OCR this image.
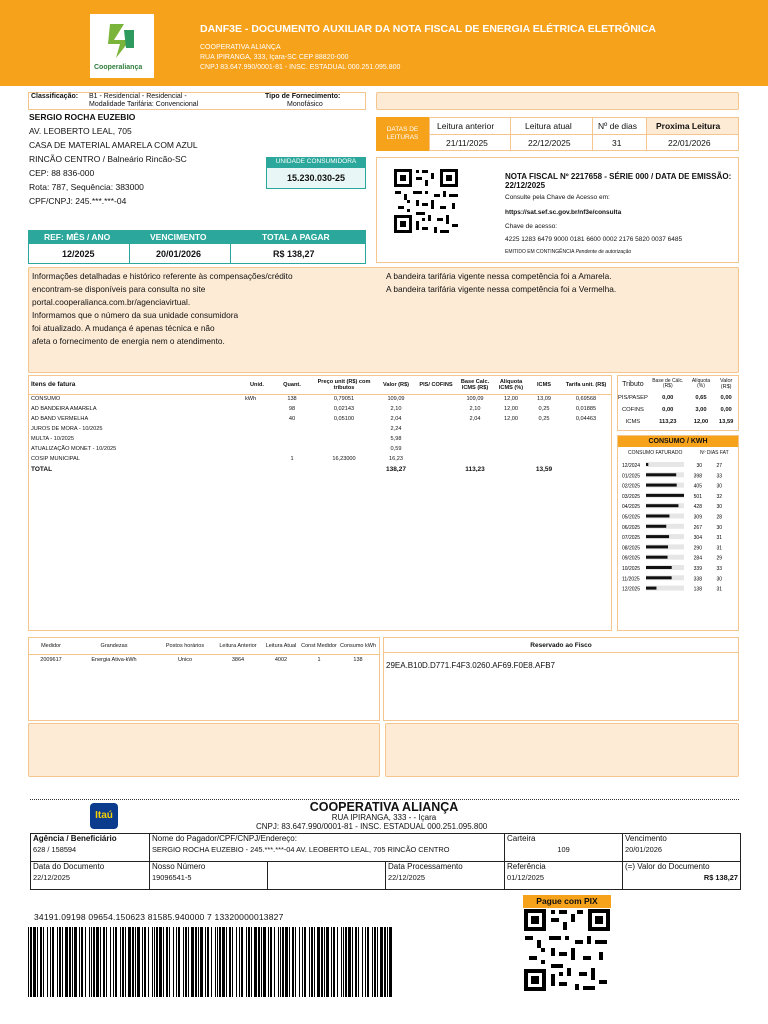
Cooperaliança
DANF3E - DOCUMENTO AUXILIAR DA NOTA FISCAL DE ENERGIA ELÉTRICA ELETRÔNICA
COOPERATIVA ALIANÇA
RUA IPIRANGA, 333, Içara-SC CEP 88820-000
CNPJ 83.647.990/0001-81 - INSC. ESTADUAL 000.251.095.800
Classificação: B1 - Residencial - Residencial -
Modalidade Tarifária: Convencional
Tipo de Fornecimento:
Monofásico
SERGIO ROCHA EUZEBIO
AV. LEOBERTO LEAL, 705
CASA DE MATERIAL AMARELA COM AZUL
RINCÃO CENTRO / Balneário Rincão-SC
CEP: 88 836-000
Rota: 787, Sequência: 383000
CPF/CNPJ: 245.***.***-04
UNIDADE CONSUMIDORA
15.230.030-25
REF: MÊS / ANO	VENCIMENTO	TOTAL A PAGAR
12/2025	20/01/2026	R$ 138,27
DATAS DE LEITURAS
Leitura anterior	Leitura atual	Nº de dias Proxima Leitura
21/11/2025	22/12/2025	31	22/01/2026
NOTA FISCAL Nº 2217658 - SÉRIE 000 / DATA DE EMISSÃO: 22/12/2025
Consulte pela Chave de Acesso em:
https://sat.sef.sc.gov.br/nf3e/consulta
Chave de acesso:
4225 1283 6479 9000 0181 6600 0002 2176 5820 0037 6485
EMITIDO EM CONTINGÊNCIA Pendente de autorização
Informações detalhadas e histórico referente às compensações/crédito
encontram-se disponíveis para consulta no site
portal.cooperalianca.com.br/agenciavirtual.
Informamos que o número da sua unidade consumidora
foi atualizado. A mudança é apenas técnica e não
afeta o fornecimento de energia nem o atendimento.
A bandeira tarifária vigente nessa competência foi a Amarela.
A bandeira tarifária vigente nessa competência foi a Vermelha.
Itens de fatura	Unid.	Quant.	Preço unit (R$) com tributos	Valor (R$)	PIS/ COFINS	Base Calc. ICMS (R$)	Alíquota ICMS (%)	ICMS	Tarifa unit. (R$)
CONSUMO	kWh	138	0,79051	109,09		109,09	12,00	13,09	0,69568
AD BANDEIRA AMARELA		98	0,02143	2,10		2,10	12,00	0,25	0,01885
AD BAND VERMELHA		40	0,05100	2,04		2,04	12,00	0,25	0,04463
JUROS DE MORA - 10/2025				2,24					
MULTA - 10/2025				5,98					
ATUALIZAÇÃO MONET - 10/2025				0,59					
COSIP MUNICIPAL		1	16,23000	16,23					
TOTAL				138,27		113,23		13,59	
Tributo	Base de Cálc. (R$)	Alíquota (%)	Valor (R$)
PIS/PASEP	0,00	0,65	0,00
COFINS	0,00	3,00	0,00
ICMS	113,23	12,00	13,59
CONSUMO / KWH
CONSUMO FATURADO	Nº DIAS FAT
12/2024	30	27
01/2025	398	33
02/2025	405	30
03/2025	501	32
04/2025	428	30
05/2025	309	28
06/2025	267	30
07/2025	304	31
08/2025	290	31
09/2025	284	29
10/2025	339	33
11/2025	338	30
12/2025	138	31
Medidor	Grandezas	Postos horários	Leitura Anterior	Leitura Atual	Const Medidor	Consumo kWh
2009617	Energia Ativa-kWh	Unico	3864	4002	1	138
Reservado ao Fisco
29EA.B10D.D771.F4F3.0260.AF69.F0E8.AFB7
Itaú
COOPERATIVA ALIANÇA
RUA IPIRANGA, 333 - - Içara
CNPJ: 83.647.990/0001-81 - INSC. ESTADUAL 000.251.095.800
Agência / Beneficiário
628 / 158594	Nome do Pagador/CPF/CNPJ/Endereço:
SERGIO ROCHA EUZEBIO - 245.***.***-04 AV. LEOBERTO LEAL, 705 RINCÃO CENTRO		Carteira
109	Vencimento
20/01/2026

Data do Documento
22/12/2025	Nosso Número
19096541-5	Data Processamento
22/12/2025	Referência
01/12/2025	(=) Valor do Documento
R$ 138,27
34191.09198 09654.150623 81585.940000 7 13320000013827
Pague com PIX
